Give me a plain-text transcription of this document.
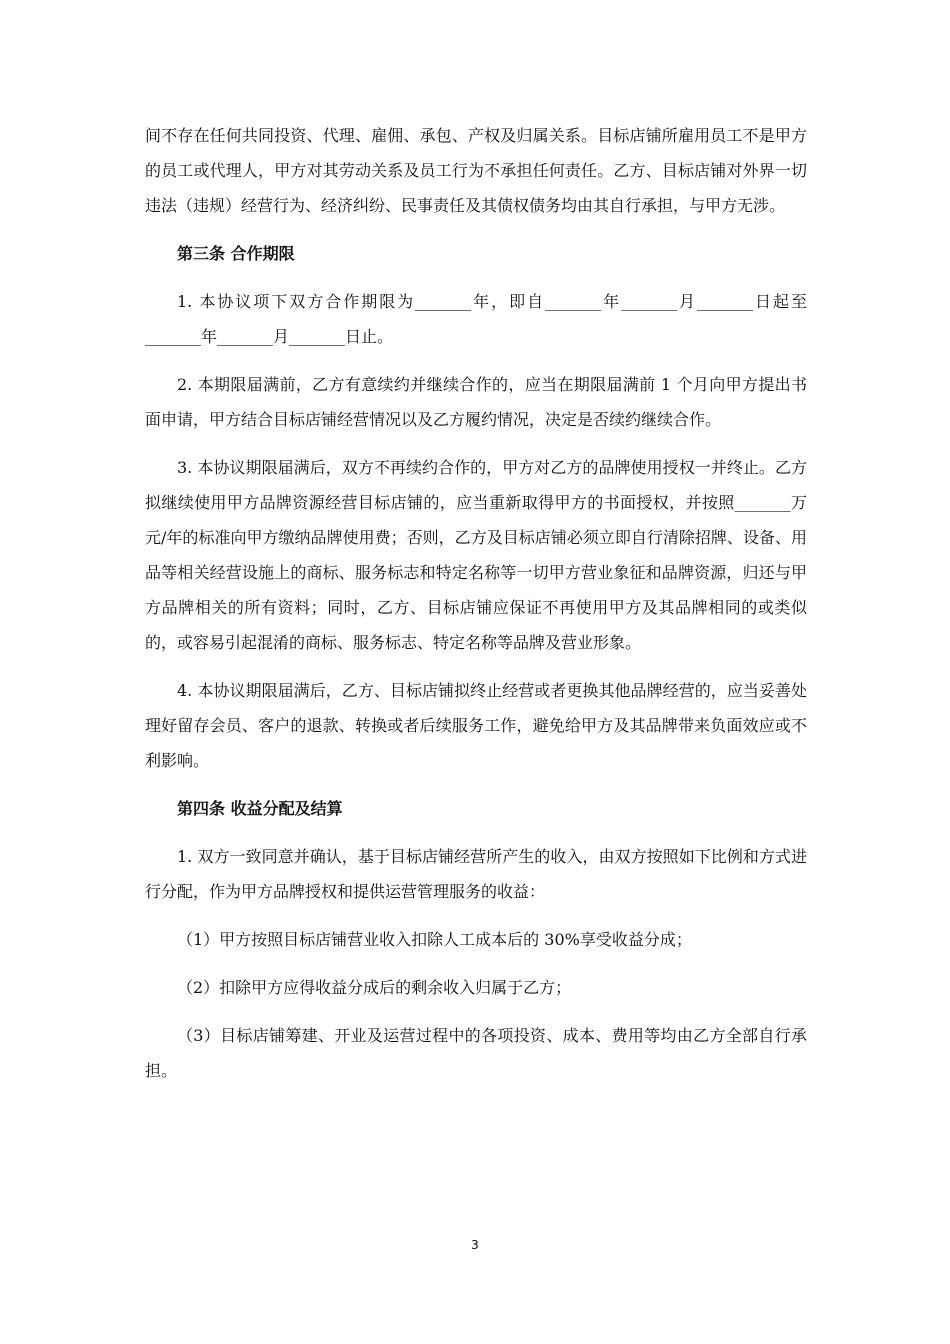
间不存在任何共同投资、代理、雇佣、承包、产权及归属关系。目标店铺所雇用员工不是甲方的员工或代理人，甲方对其劳动关系及员工行为不承担任何责任。乙方、目标店铺对外界一切违法（违规）经营行为、经济纠纷、民事责任及其债权债务均由其自行承担，与甲方无涉。

第三条 合作期限

1. 本协议项下双方合作期限为_______年，即自_______年_______月_______日起至_______年_______月_______日止。

2. 本期限届满前，乙方有意续约并继续合作的，应当在期限届满前 1 个月向甲方提出书面申请，甲方结合目标店铺经营情况以及乙方履约情况，决定是否续约继续合作。

3. 本协议期限届满后，双方不再续约合作的，甲方对乙方的品牌使用授权一并终止。乙方拟继续使用甲方品牌资源经营目标店铺的，应当重新取得甲方的书面授权，并按照_______万元/年的标准向甲方缴纳品牌使用费；否则，乙方及目标店铺必须立即自行清除招牌、设备、用品等相关经营设施上的商标、服务标志和特定名称等一切甲方营业象征和品牌资源，归还与甲方品牌相关的所有资料；同时，乙方、目标店铺应保证不再使用甲方及其品牌相同的或类似的，或容易引起混淆的商标、服务标志、特定名称等品牌及营业形象。

4. 本协议期限届满后，乙方、目标店铺拟终止经营或者更换其他品牌经营的，应当妥善处理好留存会员、客户的退款、转换或者后续服务工作，避免给甲方及其品牌带来负面效应或不利影响。

第四条 收益分配及结算

1. 双方一致同意并确认，基于目标店铺经营所产生的收入，由双方按照如下比例和方式进行分配，作为甲方品牌授权和提供运营管理服务的收益：

（1）甲方按照目标店铺营业收入扣除人工成本后的 30%享受收益分成；

（2）扣除甲方应得收益分成后的剩余收入归属于乙方；

（3）目标店铺筹建、开业及运营过程中的各项投资、成本、费用等均由乙方全部自行承担。

3
